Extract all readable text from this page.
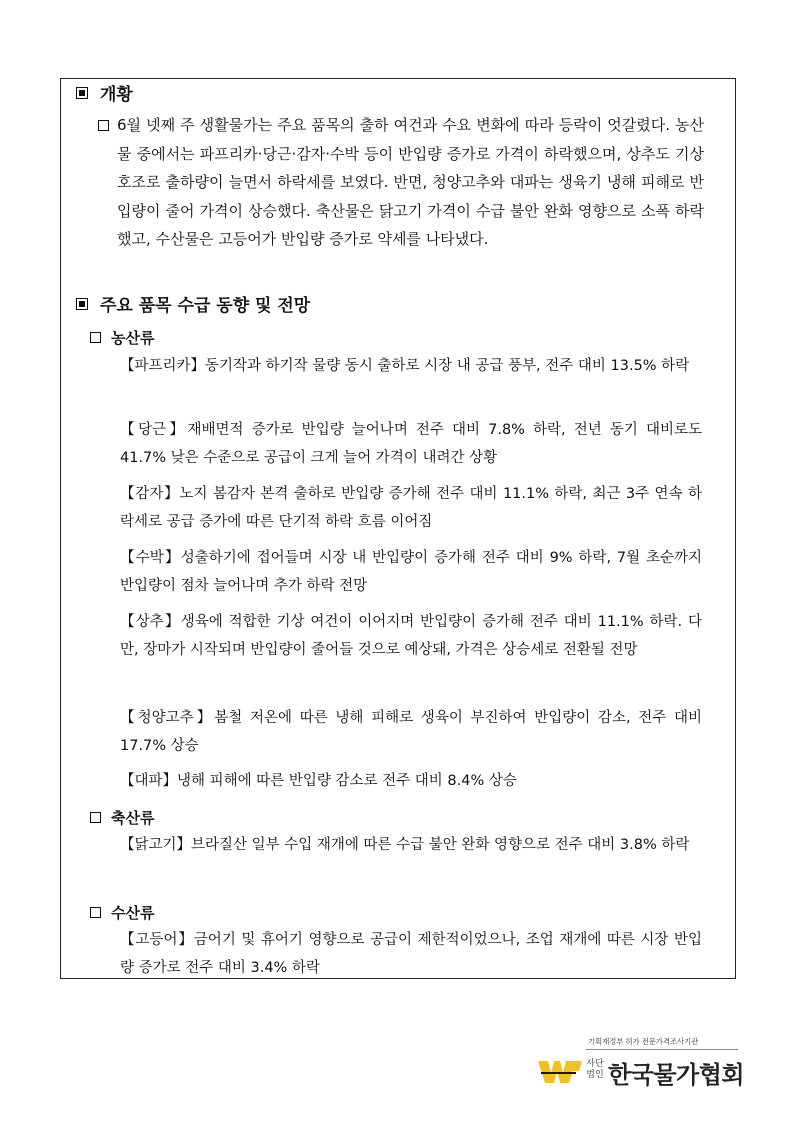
개황
6월 넷째 주 생활물가는 주요 품목의 출하 여건과 수요 변화에 따라 등락이 엇갈렸다. 농산물 중에서는 파프리카·당근·감자·수박 등이 반입량 증가로 가격이 하락했으며, 상추도 기상 호조로 출하량이 늘면서 하락세를 보였다. 반면, 청양고추와 대파는 생육기 냉해 피해로 반입량이 줄어 가격이 상승했다. 축산물은 닭고기 가격이 수급 불안 완화 영향으로 소폭 하락했고, 수산물은 고등어가 반입량 증가로 약세를 나타냈다.
주요 품목 수급 동향 및 전망
농산류
【파프리카】동기작과 하기작 물량 동시 출하로 시장 내 공급 풍부, 전주 대비 13.5% 하락
【당근】재배면적 증가로 반입량 늘어나며 전주 대비 7.8% 하락, 전년 동기 대비로도 41.7% 낮은 수준으로 공급이 크게 늘어 가격이 내려간 상황
【감자】노지 봄감자 본격 출하로 반입량 증가해 전주 대비 11.1% 하락, 최근 3주 연속 하락세로 공급 증가에 따른 단기적 하락 흐름 이어짐
【수박】성출하기에 접어들며 시장 내 반입량이 증가해 전주 대비 9% 하락, 7월 초순까지 반입량이 점차 늘어나며 추가 하락 전망
【상추】생육에 적합한 기상 여건이 이어지며 반입량이 증가해 전주 대비 11.1% 하락. 다만, 장마가 시작되며 반입량이 줄어들 것으로 예상돼, 가격은 상승세로 전환될 전망
【청양고추】봄철 저온에 따른 냉해 피해로 생육이 부진하여 반입량이 감소, 전주 대비 17.7% 상승
【대파】냉해 피해에 따른 반입량 감소로 전주 대비 8.4% 상승
축산류
【닭고기】브라질산 일부 수입 재개에 따른 수급 불안 완화 영향으로 전주 대비 3.8% 하락
수산류
【고등어】금어기 및 휴어기 영향으로 공급이 제한적이었으나, 조업 재개에 따른 시장 반입량 증가로 전주 대비 3.4% 하락
기획재정부 허가 전문가격조사기관
사단법인 한국물가협회
